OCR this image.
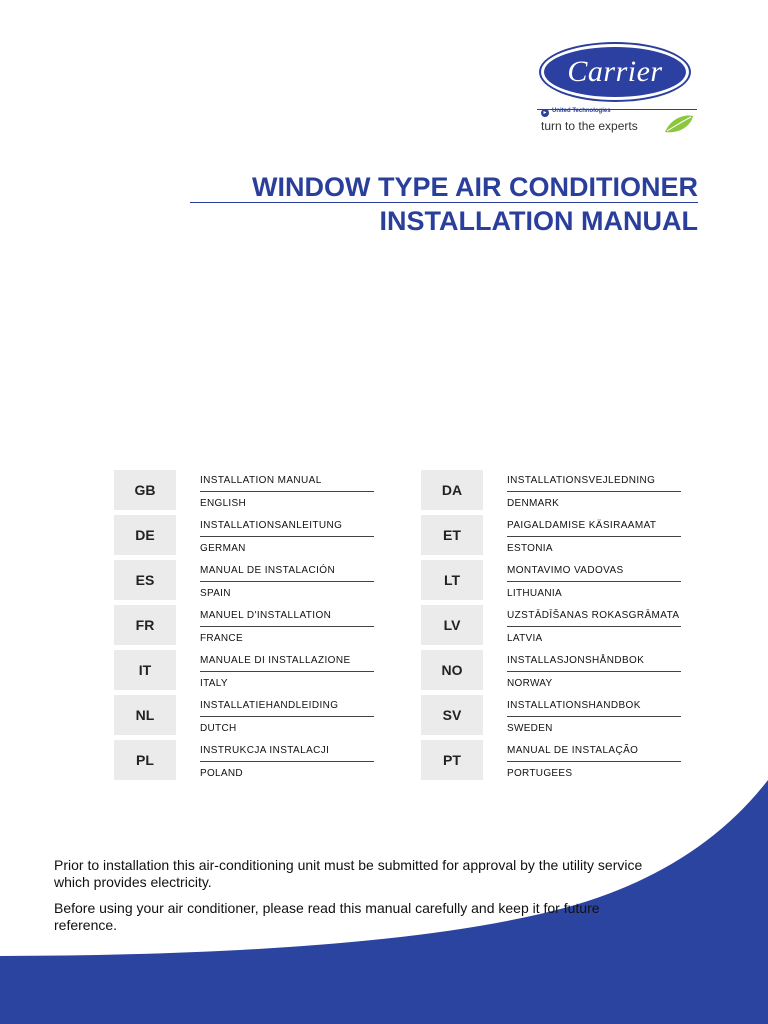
Carrier
▸ United Technologies
turn to the experts
WINDOW TYPE AIR CONDITIONER
INSTALLATION MANUAL
GB
INSTALLATION MANUAL
ENGLISH
DE
INSTALLATIONSANLEITUNG
GERMAN
ES
MANUAL DE INSTALACIÓN
SPAIN
FR
MANUEL D'INSTALLATION
FRANCE
IT
MANUALE DI INSTALLAZIONE
ITALY
NL
INSTALLATIEHANDLEIDING
DUTCH
PL
INSTRUKCJA INSTALACJI
POLAND
DA
INSTALLATIONSVEJLEDNING
DENMARK
ET
PAIGALDAMISE KÄSIRAAMAT
ESTONIA
LT
MONTAVIMO VADOVAS
LITHUANIA
LV
UZSTĀDĪŠANAS ROKASGRĀMATA
LATVIA
NO
INSTALLASJONSHÅNDBOK
NORWAY
SV
INSTALLATIONSHANDBOK
SWEDEN
PT
MANUAL DE INSTALAÇÃO
PORTUGEES

Prior to installation this air-conditioning unit must be submitted for approval by the utility service which provides electricity.

Before using your air conditioner, please read this manual carefully and keep it for future reference.
